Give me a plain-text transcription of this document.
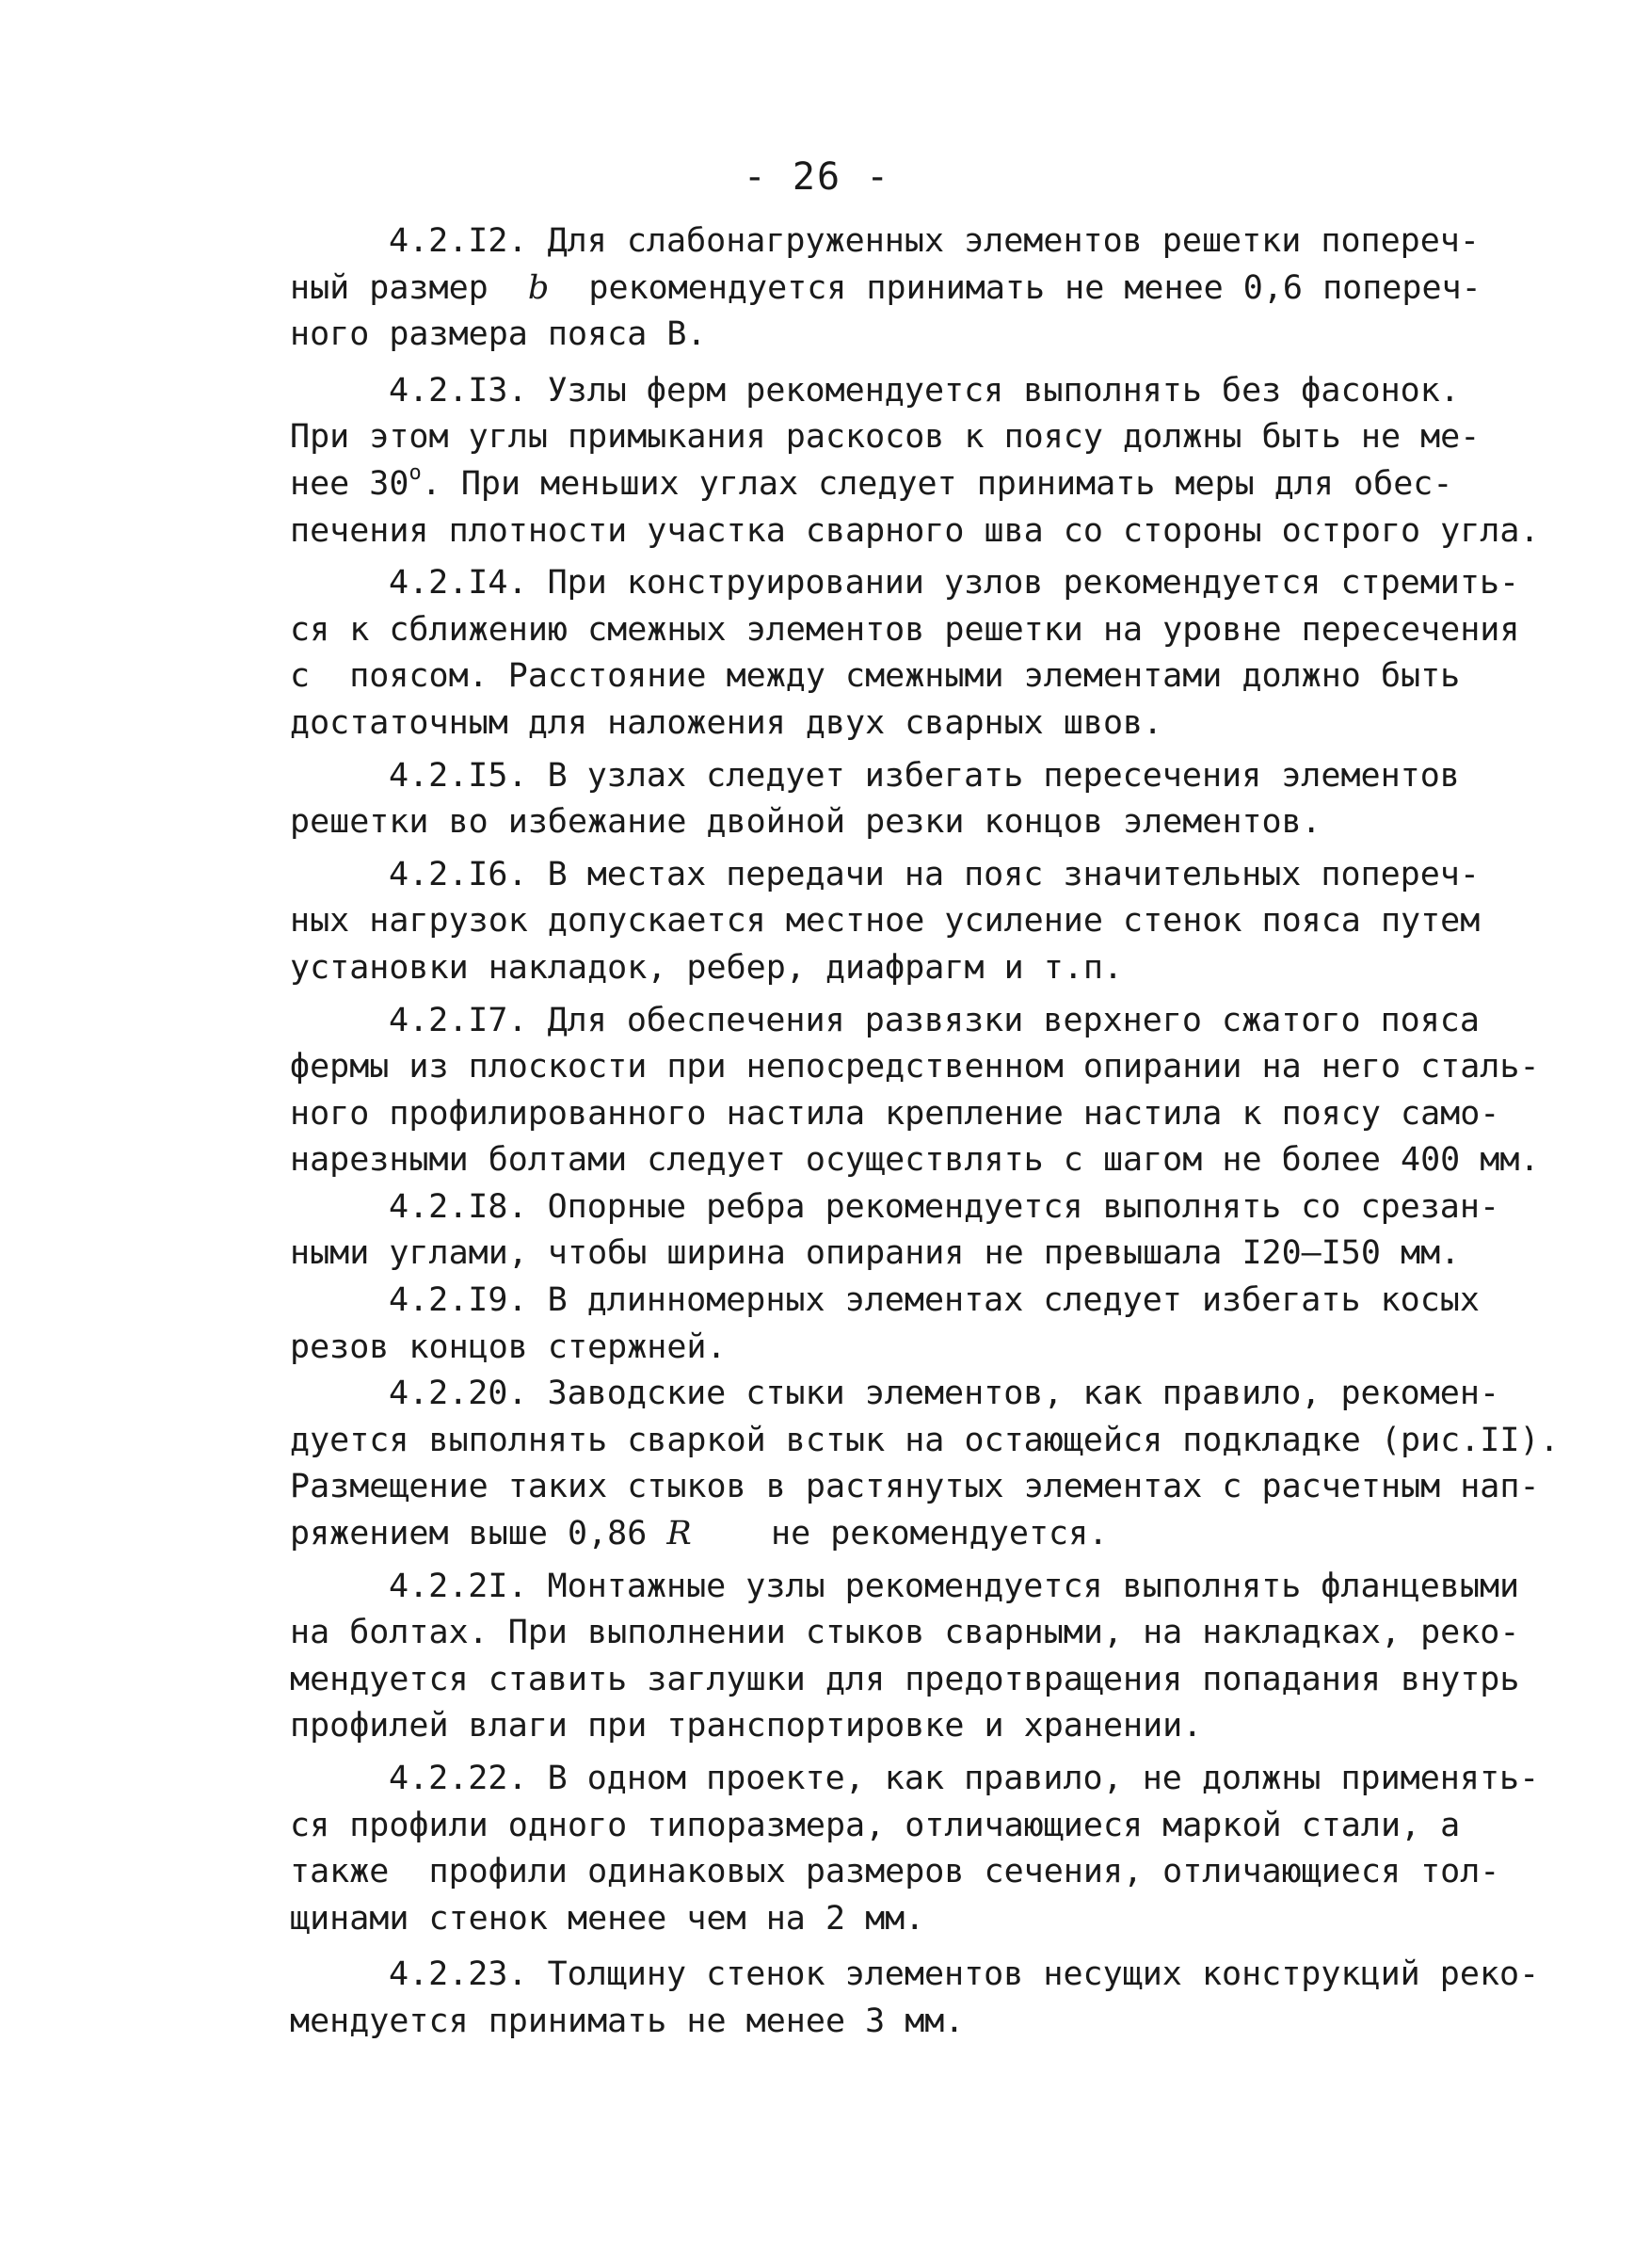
- 26 -
4.2.I2. Для слабонагруженных элементов решетки попереч-
ный размер  b  рекомендуется принимать не менее 0,6 попереч-
ного размера пояса В.
4.2.I3. Узлы ферм рекомендуется выполнять без фасонок.
При этом углы примыкания раскосов к поясу должны быть не ме-
нее $30^о$. При меньших углах следует принимать меры для обес-
печения плотности участка сварного шва со стороны острого угла.
4.2.I4. При конструировании узлов рекомендуется стремить-
ся к сближению смежных элементов решетки на уровне пересечения
с  поясом. Расстояние между смежными элементами должно быть
достаточным для наложения двух сварных швов.
4.2.I5. В узлах следует избегать пересечения элементов
решетки во избежание двойной резки концов элементов.
4.2.I6. В местах передачи на пояс значительных попереч-
ных нагрузок допускается местное усиление стенок пояса путем
установки накладок, ребер, диафрагм и т.п.
4.2.I7. Для обеспечения развязки верхнего сжатого пояса
фермы из плоскости при непосредственном опирании на него сталь-
ного профилированного настила крепление настила к поясу само-
нарезными болтами следует осуществлять с шагом не более 400 мм.
4.2.I8. Опорные ребра рекомендуется выполнять со срезан-
ными углами, чтобы ширина опирания не превышала I20–I50 мм.
4.2.I9. В длинномерных элементах следует избегать косых
резов концов стержней.
4.2.20. Заводские стыки элементов, как правило, рекомен-
дуется выполнять сваркой встык на остающейся подкладке (рис.II).
Размещение таких стыков в растянутых элементах с расчетным нап-
ряжением выше 0,86 R    не рекомендуется.
4.2.2I. Монтажные узлы рекомендуется выполнять фланцевыми
на болтах. При выполнении стыков сварными, на накладках, реко-
мендуется ставить заглушки для предотвращения попадания внутрь
профилей влаги при транспортировке и хранении.
4.2.22. В одном проекте, как правило, не должны применять-
ся профили одного типоразмера, отличающиеся маркой стали, а
также  профили одинаковых размеров сечения, отличающиеся тол-
щинами стенок менее чем на 2 мм.
4.2.23. Толщину стенок элементов несущих конструкций реко-
мендуется принимать не менее 3 мм.
